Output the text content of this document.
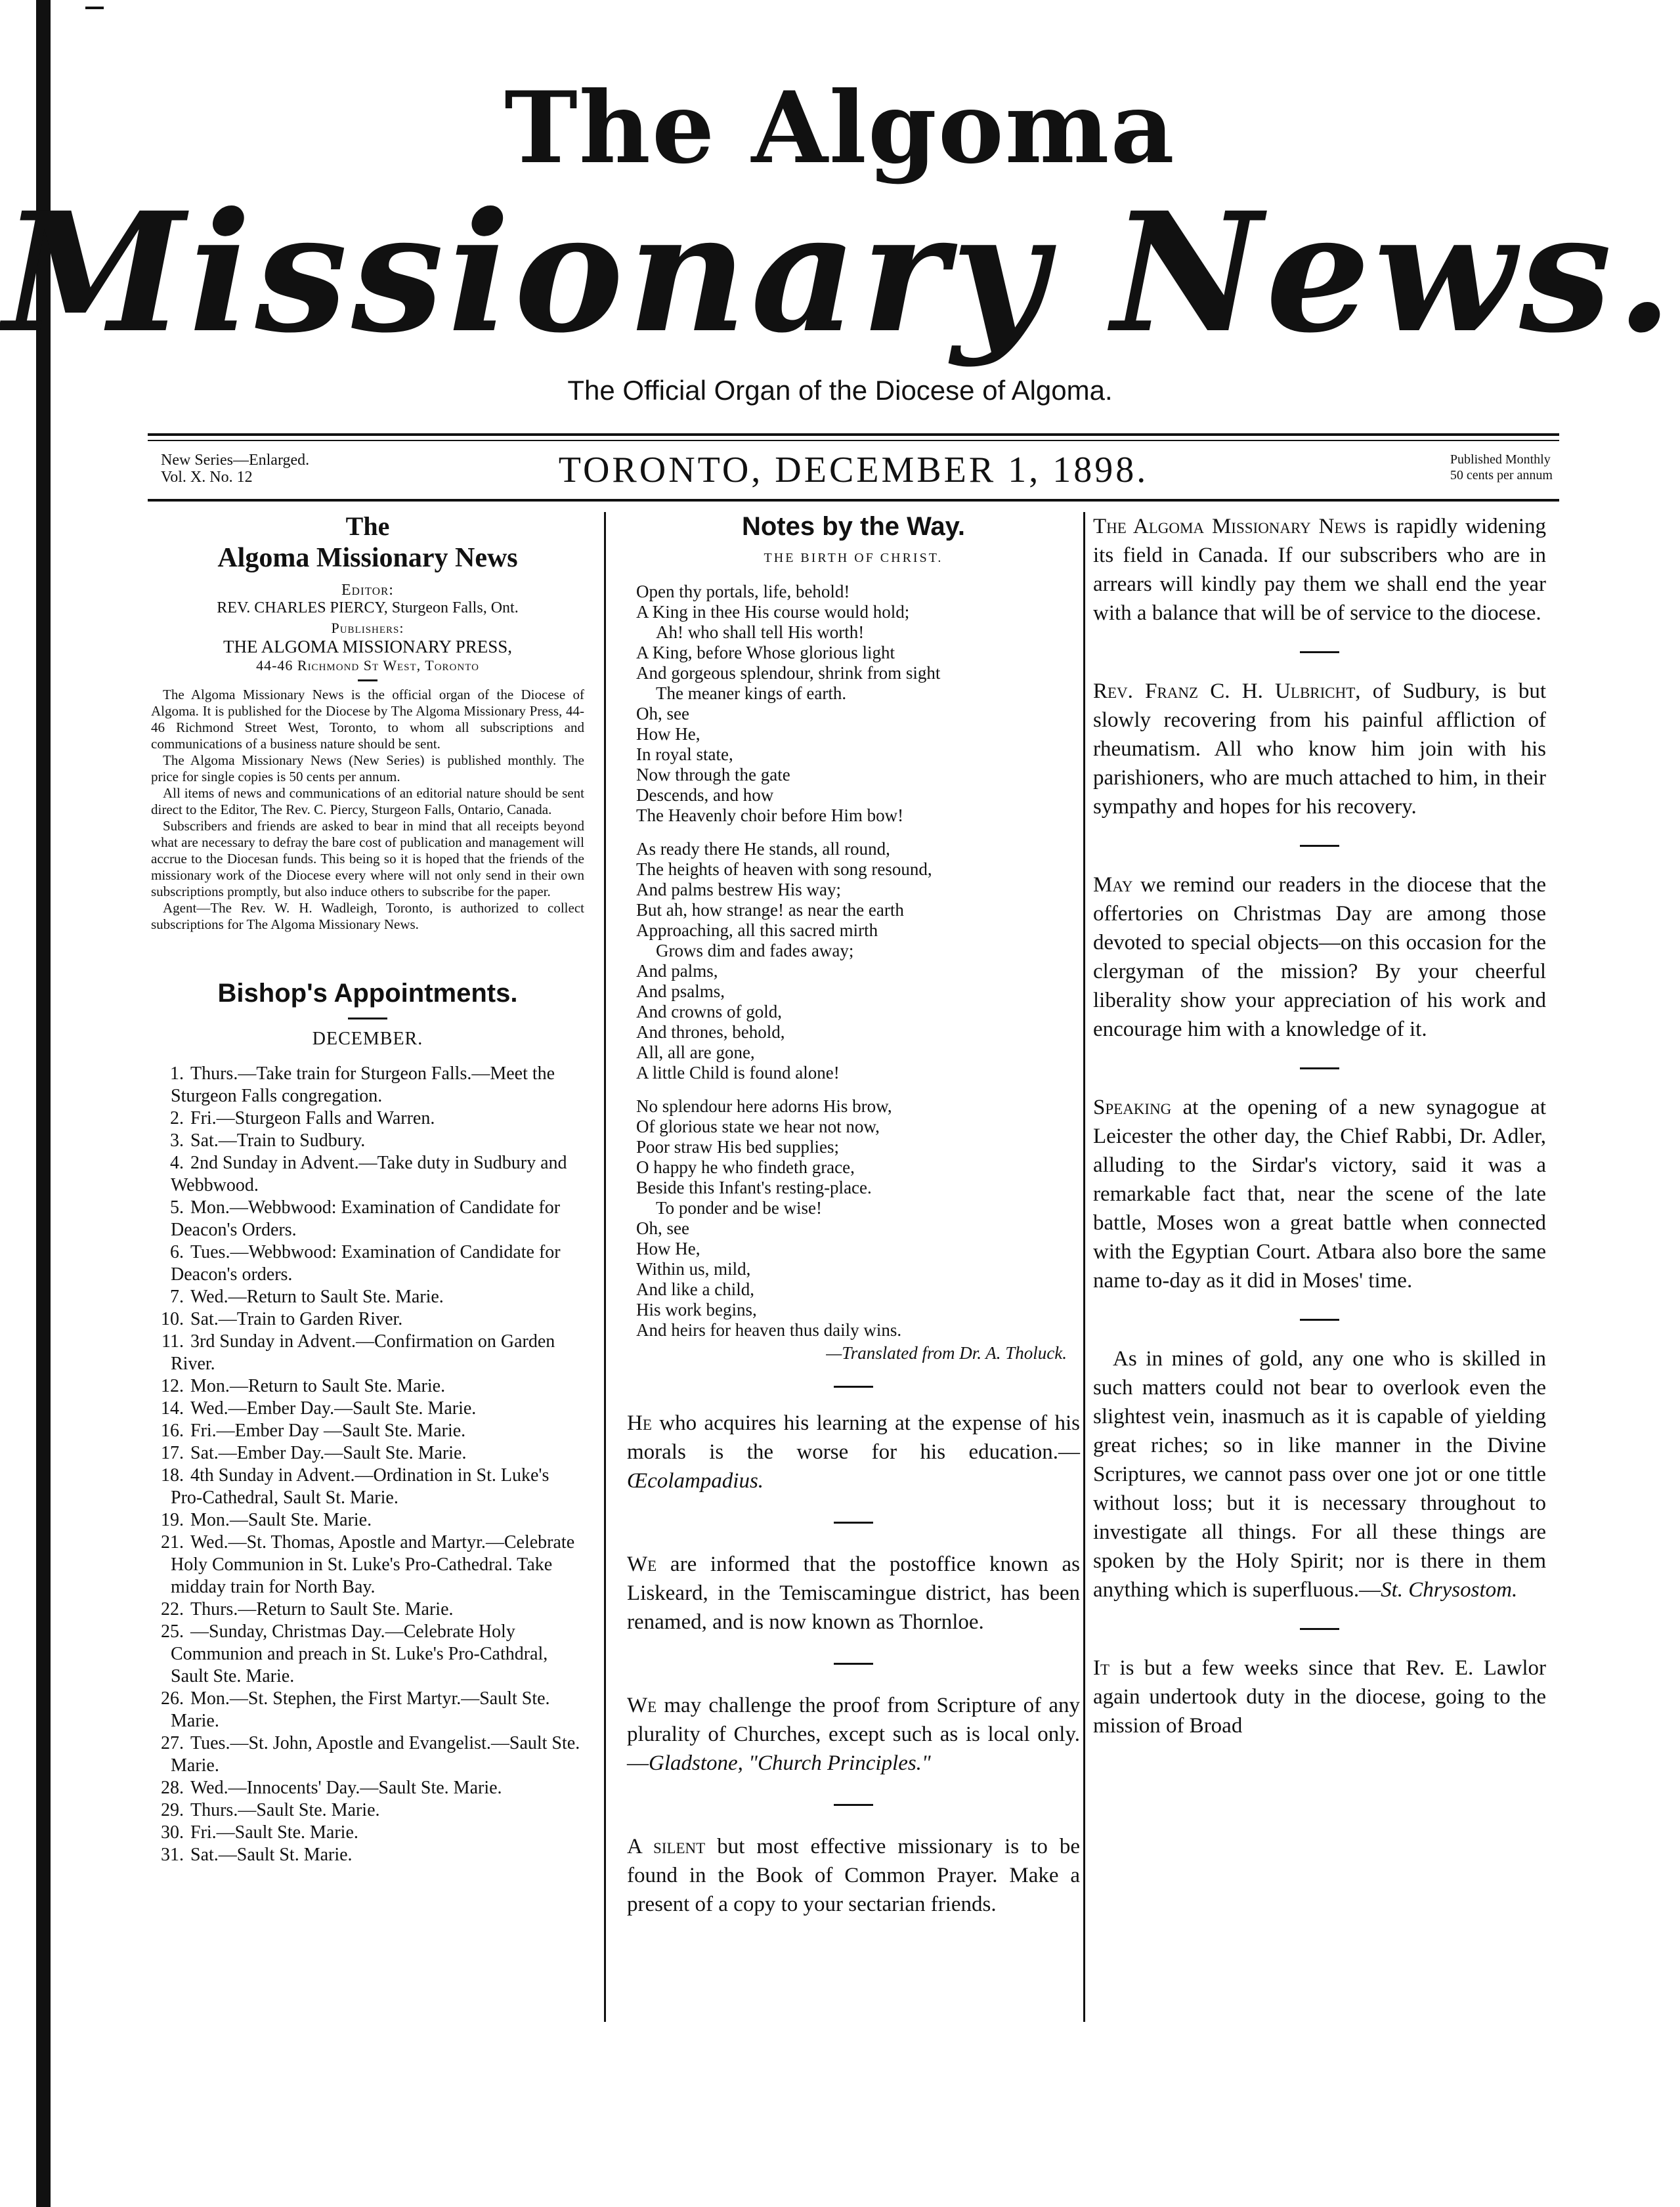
The Algoma
Missionary News.
The Official Organ of the Diocese of Algoma.
New Series—Enlarged.
Vol. X. No. 12	TORONTO, DECEMBER 1, 1898.	Published Monthly
50 cents per annum
The
Algoma Missionary News
Editor:
REV. CHARLES PIERCY, Sturgeon Falls, Ont.
Publishers:
THE ALGOMA MISSIONARY PRESS,
44-46 Richmond St West, Toronto

The Algoma Missionary News is the official organ of the Diocese of Algoma. It is published for the Diocese by The Algoma Missionary Press, 44-46 Richmond Street West, Toronto, to whom all subscriptions and communications of a business nature should be sent.

The Algoma Missionary News (New Series) is published monthly. The price for single copies is 50 cents per annum.

All items of news and communications of an editorial nature should be sent direct to the Editor, The Rev. C. Piercy, Sturgeon Falls, Ontario, Canada.

Subscribers and friends are asked to bear in mind that all receipts beyond what are necessary to defray the bare cost of publication and management will accrue to the Diocesan funds. This being so it is hoped that the friends of the missionary work of the Diocese every where will not only send in their own subscriptions promptly, but also induce others to subscribe for the paper.

Agent—The Rev. W. H. Wadleigh, Toronto, is authorized to collect subscriptions for The Algoma Missionary News.

Bishop's Appointments.
DECEMBER.
1. Thurs.—Take train for Sturgeon Falls.—Meet the Sturgeon Falls congregation.
2. Fri.—Sturgeon Falls and Warren.
3. Sat.—Train to Sudbury.
4. 2nd Sunday in Advent.—Take duty in Sudbury and Webbwood.
5. Mon.—Webbwood: Examination of Candidate for Deacon's Orders.
6. Tues.—Webbwood: Examination of Candidate for Deacon's orders.
7. Wed.—Return to Sault Ste. Marie.
10. Sat.—Train to Garden River.
11. 3rd Sunday in Advent.—Confirmation on Garden River.
12. Mon.—Return to Sault Ste. Marie.
14. Wed.—Ember Day.—Sault Ste. Marie.
16. Fri.—Ember Day —Sault Ste. Marie.
17. Sat.—Ember Day.—Sault Ste. Marie.
18. 4th Sunday in Advent.—Ordination in St. Luke's Pro-Cathedral, Sault St. Marie.
19. Mon.—Sault Ste. Marie.
21. Wed.—St. Thomas, Apostle and Martyr.—Celebrate Holy Communion in St. Luke's Pro-Cathedral. Take midday train for North Bay.
22. Thurs.—Return to Sault Ste. Marie.
25. —Sunday, Christmas Day.—Celebrate Holy Communion and preach in St. Luke's Pro-Cathdral, Sault Ste. Marie.
26. Mon.—St. Stephen, the First Martyr.—Sault Ste. Marie.
27. Tues.—St. John, Apostle and Evangelist.—Sault Ste. Marie.
28. Wed.—Innocents' Day.—Sault Ste. Marie.
29. Thurs.—Sault Ste. Marie.
30. Fri.—Sault Ste. Marie.
31. Sat.—Sault St. Marie.
Notes by the Way.
THE BIRTH OF CHRIST.
Open thy portals, life, behold!
A King in thee His course would hold;
Ah! who shall tell His worth!
A King, before Whose glorious light
And gorgeous splendour, shrink from sight
The meaner kings of earth.
Oh, see
How He,
In royal state,
Now through the gate
Descends, and how
The Heavenly choir before Him bow!
As ready there He stands, all round,
The heights of heaven with song resound,
And palms bestrew His way;
But ah, how strange! as near the earth
Approaching, all this sacred mirth
Grows dim and fades away;
And palms,
And psalms,
And crowns of gold,
And thrones, behold,
All, all are gone,
A little Child is found alone!
No splendour here adorns His brow,
Of glorious state we hear not now,
Poor straw His bed supplies;
O happy he who findeth grace,
Beside this Infant's resting-place.
To ponder and be wise!
Oh, see
How He,
Within us, mild,
And like a child,
His work begins,
And heirs for heaven thus daily wins.
—Translated from Dr. A. Tholuck.

He who acquires his learning at the expense of his morals is the worse for his education.—Œcolampadius.

We are informed that the postoffice known as Liskeard, in the Temiscamingue district, has been renamed, and is now known as Thornloe.

We may challenge the proof from Scripture of any plurality of Churches, except such as is local only.—Gladstone, "Church Principles."

A silent but most effective missionary is to be found in the Book of Common Prayer. Make a present of a copy to your sectarian friends.

The Algoma Missionary News is rapidly widening its field in Canada. If our subscribers who are in arrears will kindly pay them we shall end the year with a balance that will be of service to the diocese.

Rev. Franz C. H. Ulbricht, of Sudbury, is but slowly recovering from his painful affliction of rheumatism. All who know him join with his parishioners, who are much attached to him, in their sympathy and hopes for his recovery.

May we remind our readers in the diocese that the offertories on Christmas Day are among those devoted to special objects—on this occasion for the clergyman of the mission? By your cheerful liberality show your appreciation of his work and encourage him with a knowledge of it.

Speaking at the opening of a new synagogue at Leicester the other day, the Chief Rabbi, Dr. Adler, alluding to the Sirdar's victory, said it was a remarkable fact that, near the scene of the late battle, Moses won a great battle when connected with the Egyptian Court. Atbara also bore the same name to-day as it did in Moses' time.

As in mines of gold, any one who is skilled in such matters could not bear to overlook even the slightest vein, inasmuch as it is capable of yielding great riches; so in like manner in the Divine Scriptures, we cannot pass over one jot or one tittle without loss; but it is necessary throughout to investigate all things. For all these things are spoken by the Holy Spirit; nor is there in them anything which is superfluous.—St. Chrysostom.

It is but a few weeks since that Rev. E. Lawlor again undertook duty in the diocese, going to the mission of Broad
